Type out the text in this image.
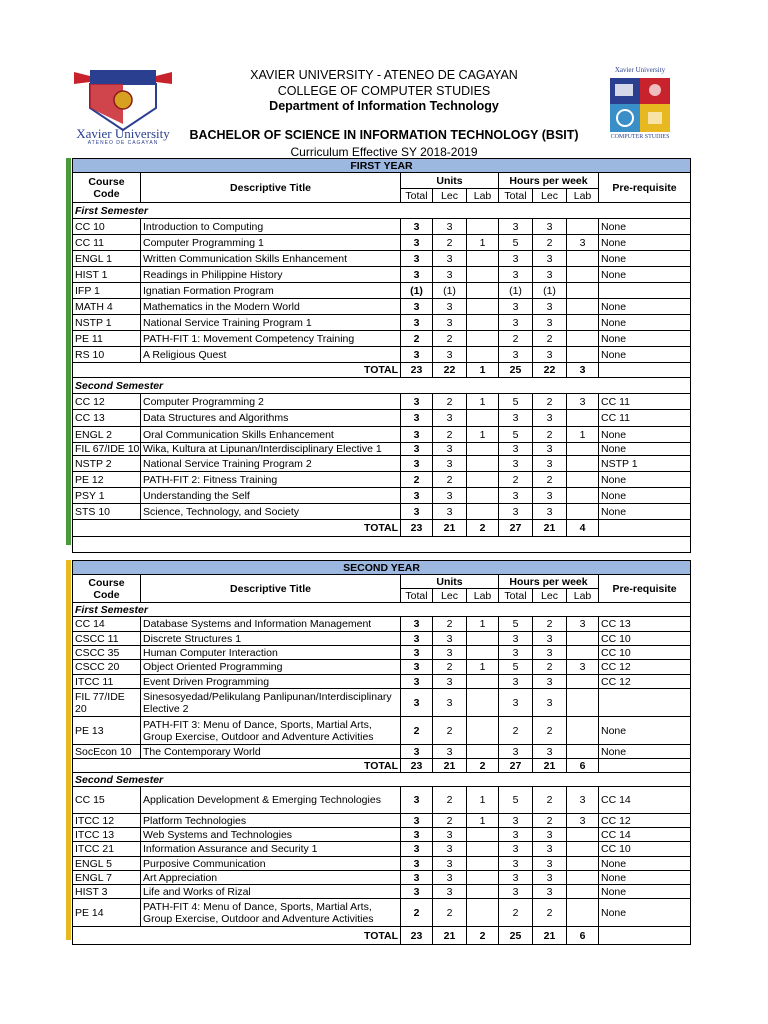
Xavier University
ATENEO DE CAGAYAN
Xavier University
COMPUTER STUDIES
XAVIER UNIVERSITY - ATENEO DE CAGAYAN
COLLEGE OF COMPUTER STUDIES
Department of Information Technology
BACHELOR OF SCIENCE IN INFORMATION TECHNOLOGY (BSIT)
Curriculum Effective SY 2018-2019
FIRST YEAR								
Course Code	Descriptive Title	Units			Hours per week			Pre-requisite
		Total	Lec	Lab	Total	Lec	Lab	
First Semester								
CC 10	Introduction to Computing	3	3		3	3		None
CC 11	Computer Programming 1	3	2	1	5	2	3	None
ENGL 1	Written Communication Skills Enhancement	3	3		3	3		None
HIST 1	Readings in Philippine History	3	3		3	3		None
IFP 1	Ignatian Formation Program	(1)	(1)		(1)	(1)		
MATH 4	Mathematics in the Modern World	3	3		3	3		None
NSTP 1	National Service Training Program 1	3	3		3	3		None
PE 11	PATH-FIT 1: Movement Competency Training	2	2		2	2		None
RS 10	A Religious Quest	3	3		3	3		None
TOTAL		23	22	1	25	22	3	
Second Semester								
CC 12	Computer Programming 2	3	2	1	5	2	3	CC 11
CC 13	Data Structures and Algorithms	3	3		3	3		CC 11
ENGL 2	Oral Communication Skills Enhancement	3	2	1	5	2	1	None
FIL 67/IDE 10	Wika, Kultura at Lipunan/Interdisciplinary Elective 1	3	3		3	3		None
NSTP 2	National Service Training Program 2	3	3		3	3		NSTP 1
PE 12	PATH-FIT 2: Fitness Training	2	2		2	2		None
PSY 1	Understanding the Self	3	3		3	3		None
STS 10	Science, Technology, and Society	3	3		3	3		None
TOTAL		23	21	2	27	21	4	

SECOND YEAR								
Course Code	Descriptive Title	Units			Hours per week			Pre-requisite
		Total	Lec	Lab	Total	Lec	Lab	
First Semester								
CC 14	Database Systems and Information Management	3	2	1	5	2	3	CC 13
CSCC 11	Discrete Structures 1	3	3		3	3		CC 10
CSCC 35	Human Computer Interaction	3	3		3	3		CC 10
CSCC 20	Object Oriented Programming	3	2	1	5	2	3	CC 12
ITCC 11	Event Driven Programming	3	3		3	3		CC 12
FIL 77/IDE 20	Sinesosyedad/Pelikulang Panlipunan/Interdisciplinary Elective 2	3	3		3	3		
PE 13	PATH-FIT 3: Menu of Dance, Sports, Martial Arts, Group Exercise, Outdoor and Adventure Activities	2	2		2	2		None
SocEcon 10	The Contemporary World	3	3		3	3		None
TOTAL		23	21	2	27	21	6	
Second Semester								
CC 15	Application Development & Emerging Technologies	3	2	1	5	2	3	CC 14
ITCC 12	Platform Technologies	3	2	1	3	2	3	CC 12
ITCC 13	Web Systems and Technologies	3	3		3	3		CC 14
ITCC 21	Information Assurance and Security 1	3	3		3	3		CC 10
ENGL 5	Purposive Communication	3	3		3	3		None
ENGL 7	Art Appreciation	3	3		3	3		None
HIST 3	Life and Works of Rizal	3	3		3	3		None
PE 14	PATH-FIT 4: Menu of Dance, Sports, Martial Arts, Group Exercise, Outdoor and Adventure Activities	2	2		2	2		None
TOTAL		23	21	2	25	21	6	
